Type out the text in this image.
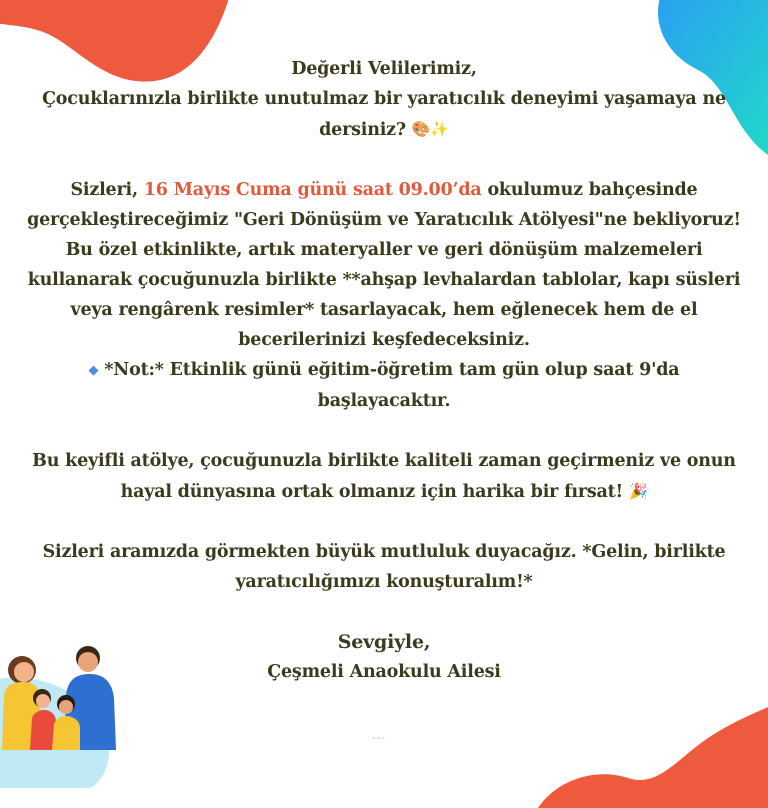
Değerli Velilerimiz,
Çocuklarınızla birlikte unutulmaz bir yaratıcılık deneyimi yaşamaya ne
dersiniz? 🎨✨
Sizleri, 16 Mayıs Cuma günü saat 09.00’da okulumuz bahçesinde
gerçekleştireceğimiz "Geri Dönüşüm ve Yaratıcılık Atölyesi"ne bekliyoruz!
Bu özel etkinlikte, artık materyaller ve geri dönüşüm malzemeleri
kullanarak çocuğunuzla birlikte **ahşap levhalardan tablolar, kapı süsleri
veya rengârenk resimler* tasarlayacak, hem eğlenecek hem de el
becerilerinizi keşfedeceksiniz.
◆ *Not:* Etkinlik günü eğitim-öğretim tam gün olup saat 9'da
başlayacaktır.
Bu keyifli atölye, çocuğunuzla birlikte kaliteli zaman geçirmeniz ve onun
hayal dünyasına ortak olmanız için harika bir fırsat! 🎉
Sizleri aramızda görmekten büyük mutluluk duyacağız. *Gelin, birlikte
yaratıcılığımızı konuşturalım!*
Sevgiyle,
Çeşmeli Anaokulu Ailesi
---
